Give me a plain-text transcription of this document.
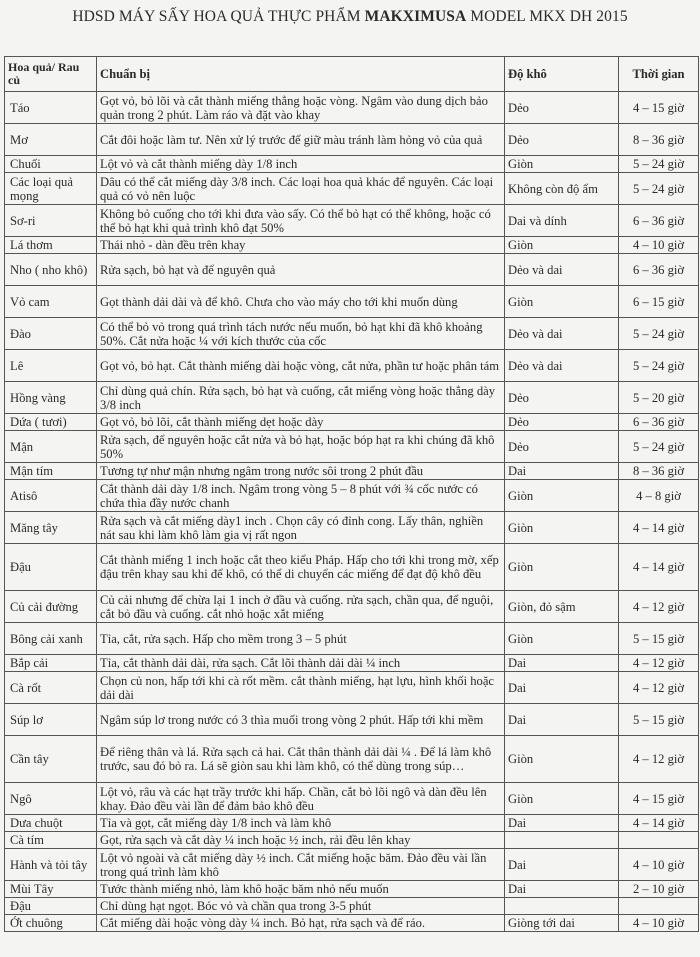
HDSD MÁY SẤY HOA QUẢ THỰC PHẨM MAKXIMUSA MODEL MKX DH 2015
Hoa quả/ Rau củ	Chuẩn bị	Độ khô	Thời gian
Táo	Gọt vỏ, bỏ lõi và cắt thành miếng thẳng hoặc vòng. Ngâm vào dung dịch bảo quản trong 2 phút. Làm ráo và đặt vào khay	Dẻo	4 – 15 giờ
Mơ	Cắt đôi hoặc làm tư. Nên xử lý trước để giữ màu tránh làm hỏng vỏ của quả	Dẻo	8 – 36 giờ
Chuối	Lột vỏ và cắt thành miếng dày 1/8 inch	Giòn	5 – 24 giờ
Các loại quả mọng	Dâu có thể cắt miếng dày 3/8 inch. Các loại hoa quả khác để nguyên. Các loại quả có vỏ nên luộc	Không còn độ ẩm	5 – 24 giờ
Sơ-ri	Không bỏ cuống cho tới khi đưa vào sấy. Có thể bỏ hạt có thể không, hoặc có thể bỏ hạt khi quả trình khô đạt 50%	Dai và dính	6 – 36 giờ
Lá thơm	Thái nhỏ - dàn đều trên khay	Giòn	4 – 10 giờ
Nho ( nho khô)	Rửa sạch, bỏ hạt và để nguyên quả	Dẻo và dai	6 – 36 giờ
Vỏ cam	Gọt thành dải dài và để khô. Chưa cho vào máy cho tới khi muốn dùng	Giòn	6 – 15 giờ
Đào	Có thể bỏ vỏ trong quá trình tách nước nếu muốn, bỏ hạt khi đã khô khoảng 50%. Cắt nửa hoặc ¼ với kích thước của cốc	Dẻo và dai	5 – 24 giờ
Lê	Gọt vỏ, bỏ hạt. Cắt thành miếng dài hoặc vòng, cắt nửa, phần tư hoặc phân tám	Dẻo và dai	5 – 24 giờ
Hồng vàng	Chỉ dùng quả chín. Rửa sạch, bỏ hạt và cuống, cắt miếng vòng hoặc thẳng dày 3/8 inch	Dẻo	5 – 20 giờ
Dứa ( tươi)	Gọt vỏ, bỏ lõi, cắt thành miếng dẹt hoặc dày	Dẻo	6 – 36 giờ
Mận	Rửa sạch, để nguyên hoặc cắt nửa và bỏ hạt, hoặc bóp hạt ra khi chúng đã khô 50%	Dẻo	5 – 24 giờ
Mận tím	Tương tự như mận nhưng ngâm trong nước sôi trong 2 phút đầu	Dai	8 – 36 giờ
Atisô	Cắt thành dải dày 1/8 inch. Ngâm trong vòng 5 – 8 phút với ¾ cốc nước có chứa thìa đầy nước chanh	Giòn	4 – 8 giờ
Măng tây	Rửa sạch và cắt miếng dày1 inch . Chọn cây có đỉnh cong. Lấy thân, nghiền nát sau khi làm khô làm gia vị rất ngon	Giòn	4 – 14 giờ
Đậu	Cắt thành miếng 1 inch hoặc cắt theo kiểu Pháp. Hấp cho tới khi trong mờ, xếp đậu trên khay sau khi để khô, có thể di chuyển các miếng để đạt độ khô đều	Giòn	4 – 14 giờ
Củ cải đường	Củ cải nhưng để chừa lại 1 inch ở đầu và cuống. rửa sạch, chần qua, để nguội, cắt bỏ đầu và cuống. cắt nhỏ hoặc xắt miếng	Giòn, đỏ sậm	4 – 12 giờ
Bông cải xanh	Tỉa, cắt, rửa sạch. Hấp cho mềm trong 3 – 5 phút	Giòn	5 – 15 giờ
Bắp cải	Tỉa, cắt thành dải dài, rửa sạch. Cắt lõi thành dải dài ¼ inch	Dai	4 – 12 giờ
Cà rốt	Chọn củ non, hấp tới khi cà rốt mềm. cắt thành miếng, hạt lựu, hình khối hoặc dải dài	Dai	4 – 12 giờ
Súp lơ	Ngâm súp lơ trong nước có 3 thìa muối trong vòng 2 phút. Hấp tới khi mềm	Dai	5 – 15 giờ
Cần tây	Để riêng thân và lá. Rửa sạch cả hai. Cắt thân thành dải dài ¼ . Để lá làm khô trước, sau đó bỏ ra. Lá sẽ giòn sau khi làm khô, có thể dùng trong súp…	Giòn	4 – 12 giờ
Ngô	Lột vỏ, râu và các hạt trầy trước khi hấp. Chần, cắt bỏ lõi ngô và dàn đều lên khay. Đảo đều vài lần để đảm bảo khô đều	Giòn	4 – 15 giờ
Dưa chuột	Tỉa và gọt, cắt miếng dày 1/8 inch và làm khô	Dai	4 – 14 giờ
Cà tím	Gọt, rửa sạch và cắt dày ¼ inch hoặc ½ inch, rải đều lên khay		
Hành và tỏi tây	Lột vỏ ngoài và cắt miếng dày ½ inch. Cắt miếng hoặc băm. Đảo đều vài lần trong quá trình làm khô	Dai	4 – 10 giờ
Mùi Tây	Tước thành miếng nhỏ, làm khô hoặc băm nhỏ nếu muốn	Dai	2 – 10 giờ
Đậu	Chỉ dùng hạt ngọt. Bóc vỏ và chần qua trong 3-5 phút		
Ớt chuông	Cắt miếng dài hoặc vòng dày ¼ inch. Bỏ hạt, rửa sạch và để ráo.	Giòng tới dai	4 – 10 giờ
